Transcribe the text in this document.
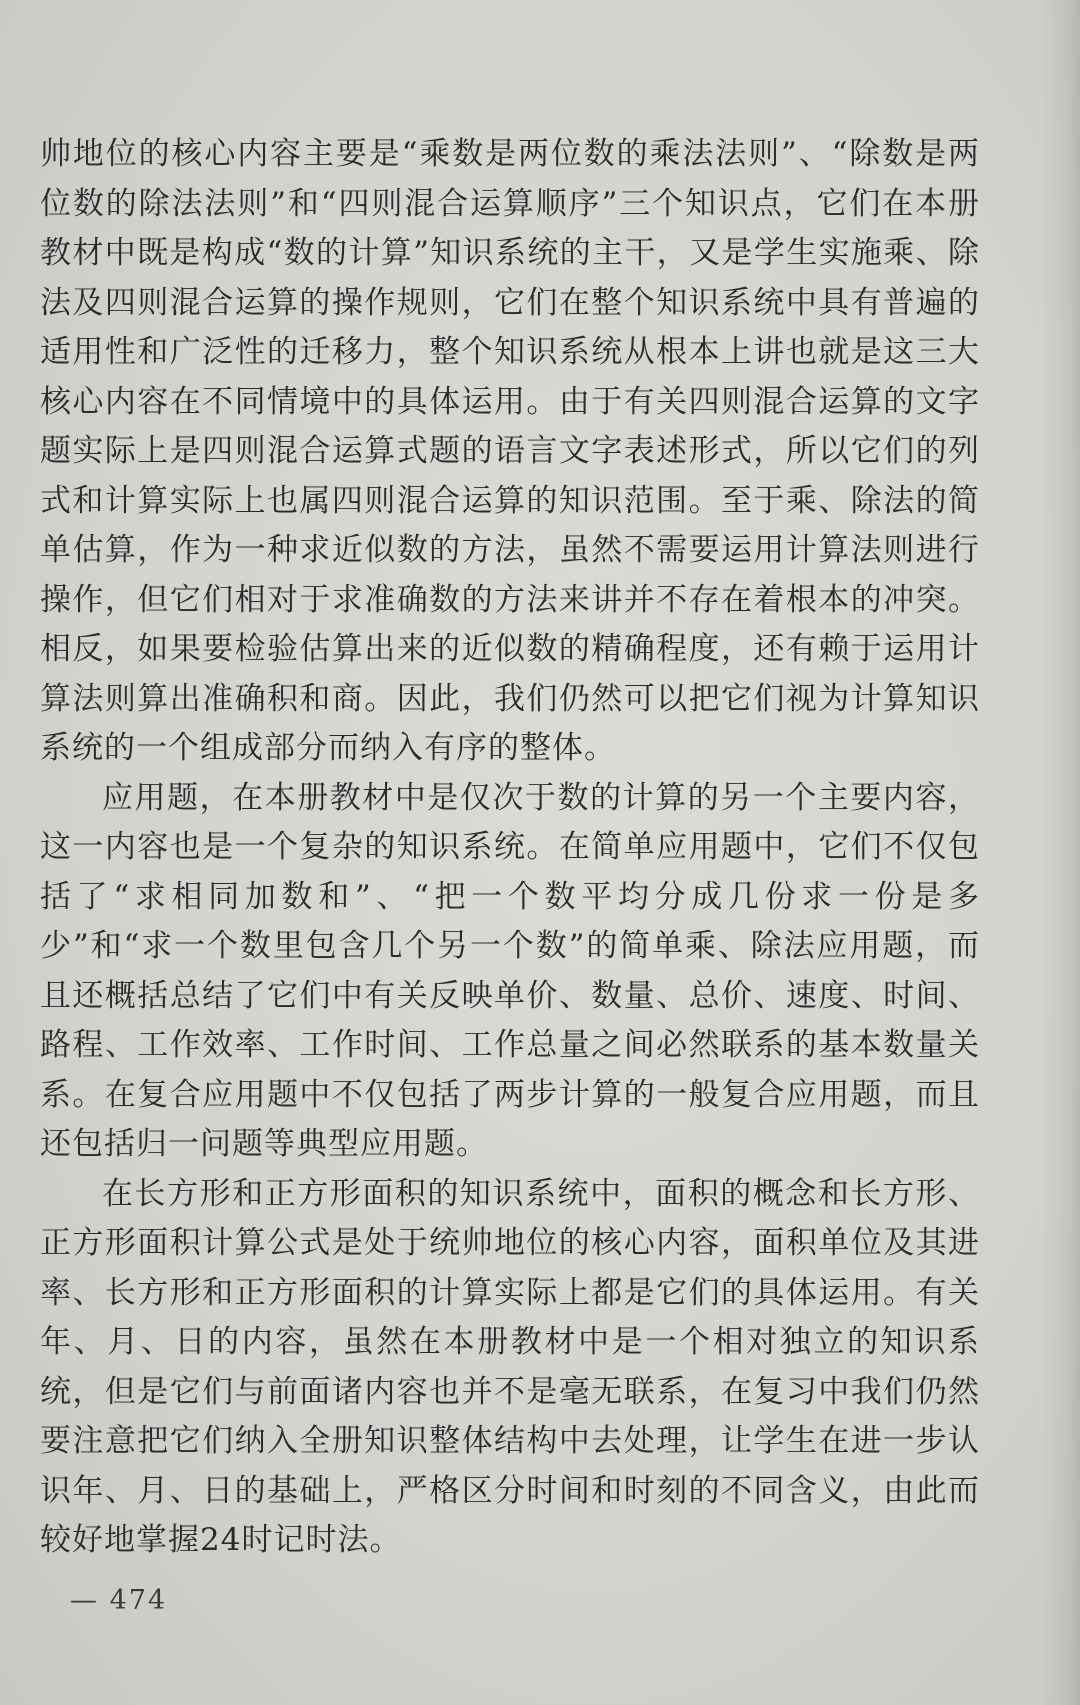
帅地位的核心内容主要是“乘数是两位数的乘法法则”、“除数是两位数的除法法则”和“四则混合运算顺序”三个知识点，它们在本册教材中既是构成“数的计算”知识系统的主干，又是学生实施乘、除法及四则混合运算的操作规则，它们在整个知识系统中具有普遍的适用性和广泛性的迁移力，整个知识系统从根本上讲也就是这三大核心内容在不同情境中的具体运用。由于有关四则混合运算的文字题实际上是四则混合运算式题的语言文字表述形式，所以它们的列式和计算实际上也属四则混合运算的知识范围。至于乘、除法的简单估算，作为一种求近似数的方法，虽然不需要运用计算法则进行操作，但它们相对于求准确数的方法来讲并不存在着根本的冲突。相反，如果要检验估算出来的近似数的精确程度，还有赖于运用计算法则算出准确积和商。因此，我们仍然可以把它们视为计算知识系统的一个组成部分而纳入有序的整体。

应用题，在本册教材中是仅次于数的计算的另一个主要内容，这一内容也是一个复杂的知识系统。在简单应用题中，它们不仅包括了“求相同加数和”、“把一个数平均分成几份求一份是多少”和“求一个数里包含几个另一个数”的简单乘、除法应用题，而且还概括总结了它们中有关反映单价、数量、总价、速度、时间、路程、工作效率、工作时间、工作总量之间必然联系的基本数量关系。在复合应用题中不仅包括了两步计算的一般复合应用题，而且还包括归一问题等典型应用题。

在长方形和正方形面积的知识系统中，面积的概念和长方形、正方形面积计算公式是处于统帅地位的核心内容，面积单位及其进率、长方形和正方形面积的计算实际上都是它们的具体运用。有关年、月、日的内容，虽然在本册教材中是一个相对独立的知识系统，但是它们与前面诸内容也并不是毫无联系，在复习中我们仍然要注意把它们纳入全册知识整体结构中去处理，让学生在进一步认识年、月、日的基础上，严格区分时间和时刻的不同含义，由此而较好地掌握24时记时法。

— 474
